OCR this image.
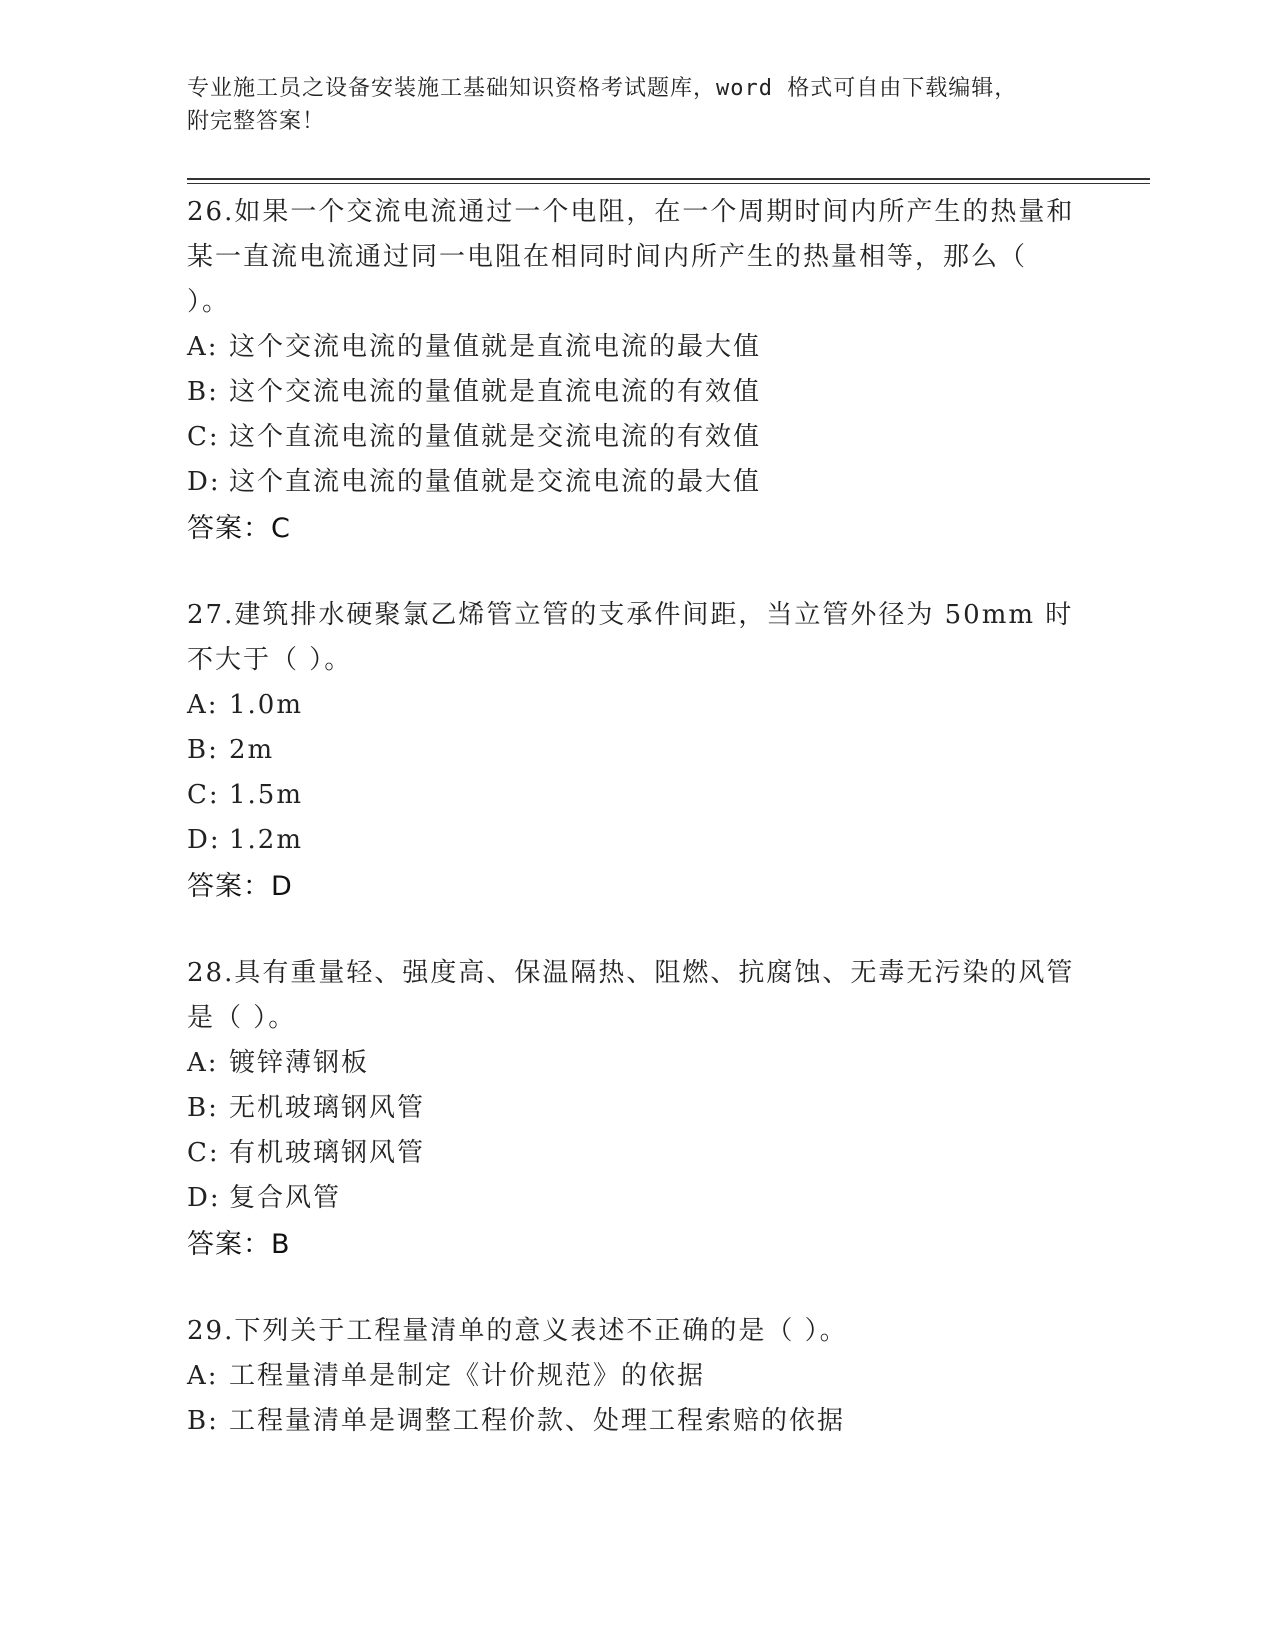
专业施工员之设备安装施工基础知识资格考试题库，word 格式可自由下载编辑，
附完整答案！
26.如果一个交流电流通过一个电阻，在一个周期时间内所产生的热量和某一直流电流通过同一电阻在相同时间内所产生的热量相等，那么（ ）。
A: 这个交流电流的量值就是直流电流的最大值
B: 这个交流电流的量值就是直流电流的有效值
C: 这个直流电流的量值就是交流电流的有效值
D: 这个直流电流的量值就是交流电流的最大值
答案：C
27.建筑排水硬聚氯乙烯管立管的支承件间距，当立管外径为 50mm 时不大于（ ）。
A: 1.0m
B: 2m
C: 1.5m
D: 1.2m
答案：D
28.具有重量轻、强度高、保温隔热、阻燃、抗腐蚀、无毒无污染的风管是（ ）。
A: 镀锌薄钢板
B: 无机玻璃钢风管
C: 有机玻璃钢风管
D: 复合风管
答案：B
29.下列关于工程量清单的意义表述不正确的是（ ）。
A: 工程量清单是制定《计价规范》的依据
B: 工程量清单是调整工程价款、处理工程索赔的依据
